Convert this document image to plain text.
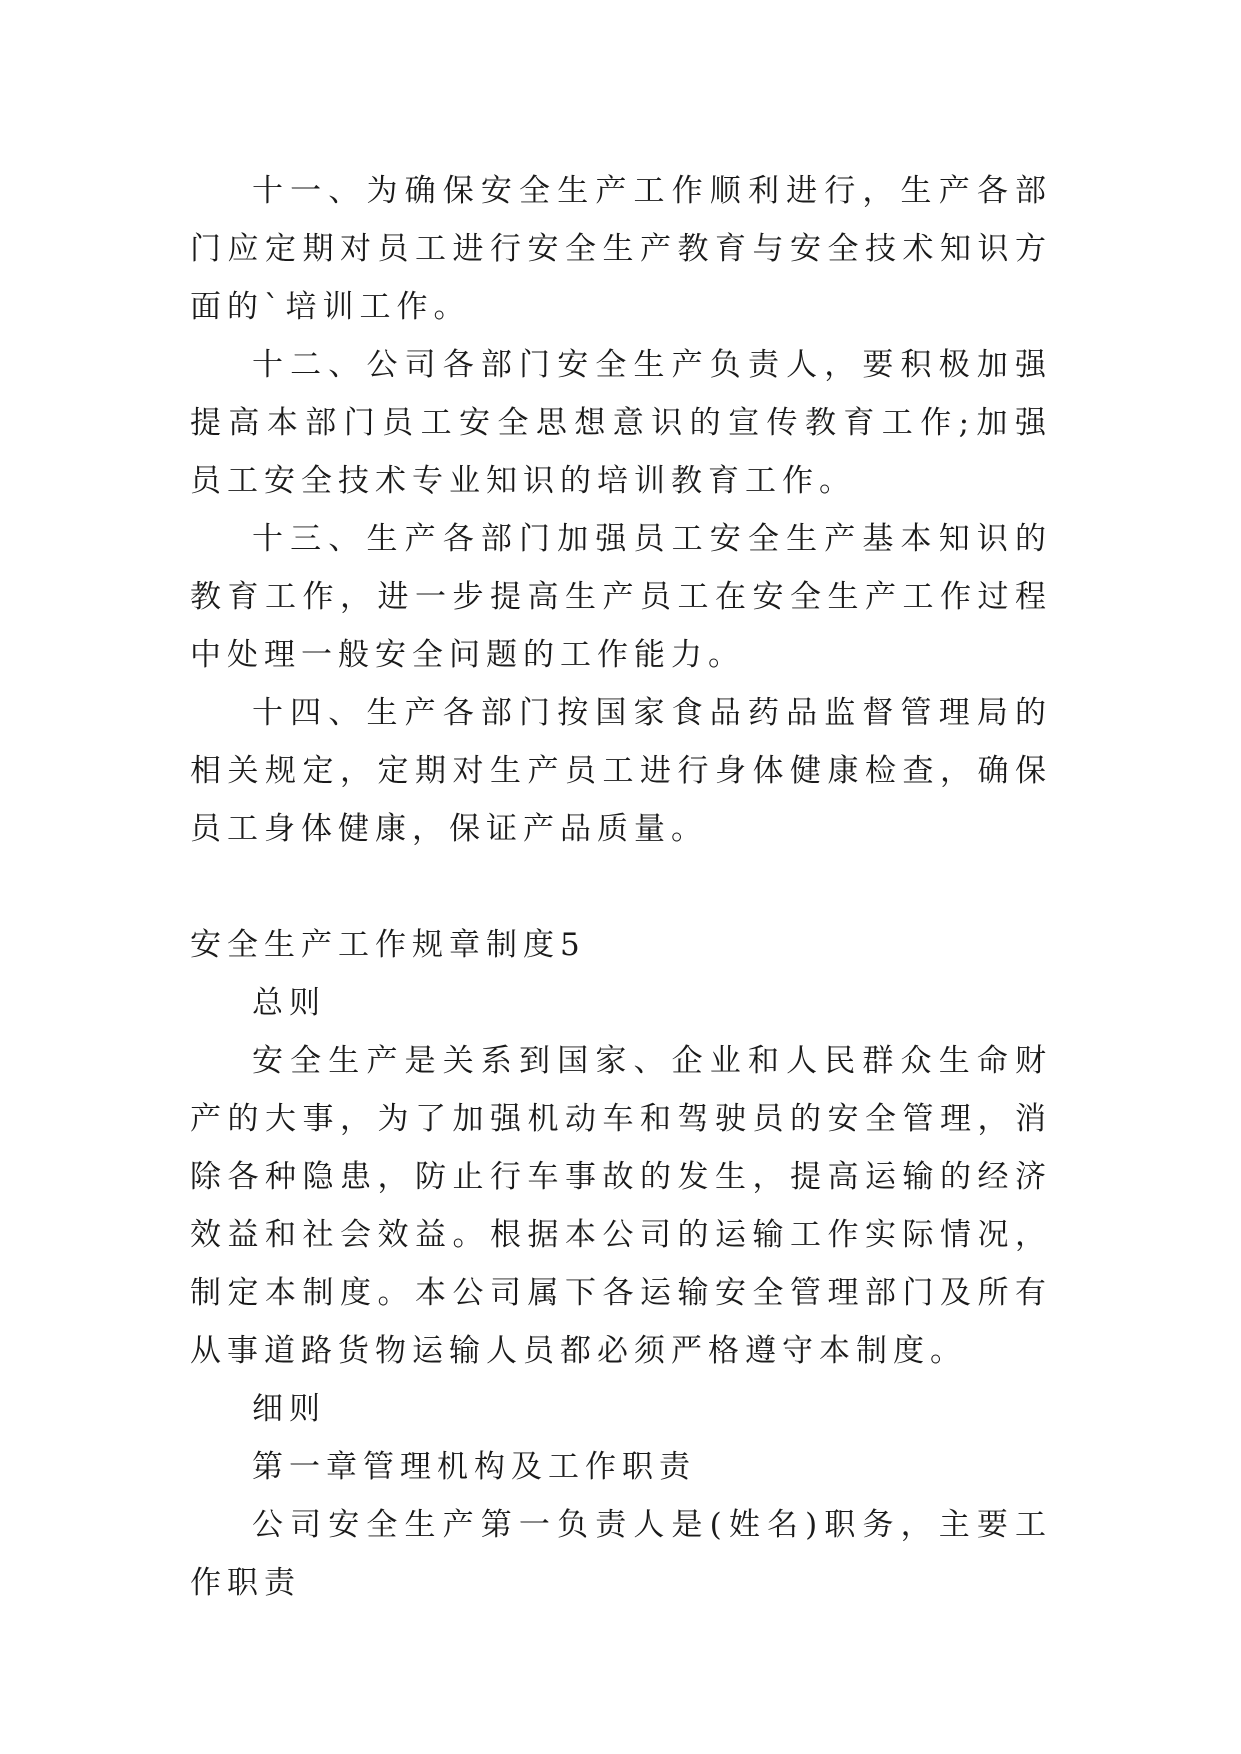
十一、为确保安全生产工作顺利进行，生产各部门应定期对员工进行安全生产教育与安全技术知识方面的`培训工作。

十二、公司各部门安全生产负责人，要积极加强提高本部门员工安全思想意识的宣传教育工作;加强员工安全技术专业知识的培训教育工作。

十三、生产各部门加强员工安全生产基本知识的教育工作，进一步提高生产员工在安全生产工作过程中处理一般安全问题的工作能力。

十四、生产各部门按国家食品药品监督管理局的相关规定，定期对生产员工进行身体健康检查，确保员工身体健康，保证产品质量。

安全生产工作规章制度5

总则

安全生产是关系到国家、企业和人民群众生命财产的大事，为了加强机动车和驾驶员的安全管理，消除各种隐患，防止行车事故的发生，提高运输的经济效益和社会效益。根据本公司的运输工作实际情况，制定本制度。本公司属下各运输安全管理部门及所有从事道路货物运输人员都必须严格遵守本制度。

细则

第一章管理机构及工作职责

公司安全生产第一负责人是(姓名)职务，主要工作职责
